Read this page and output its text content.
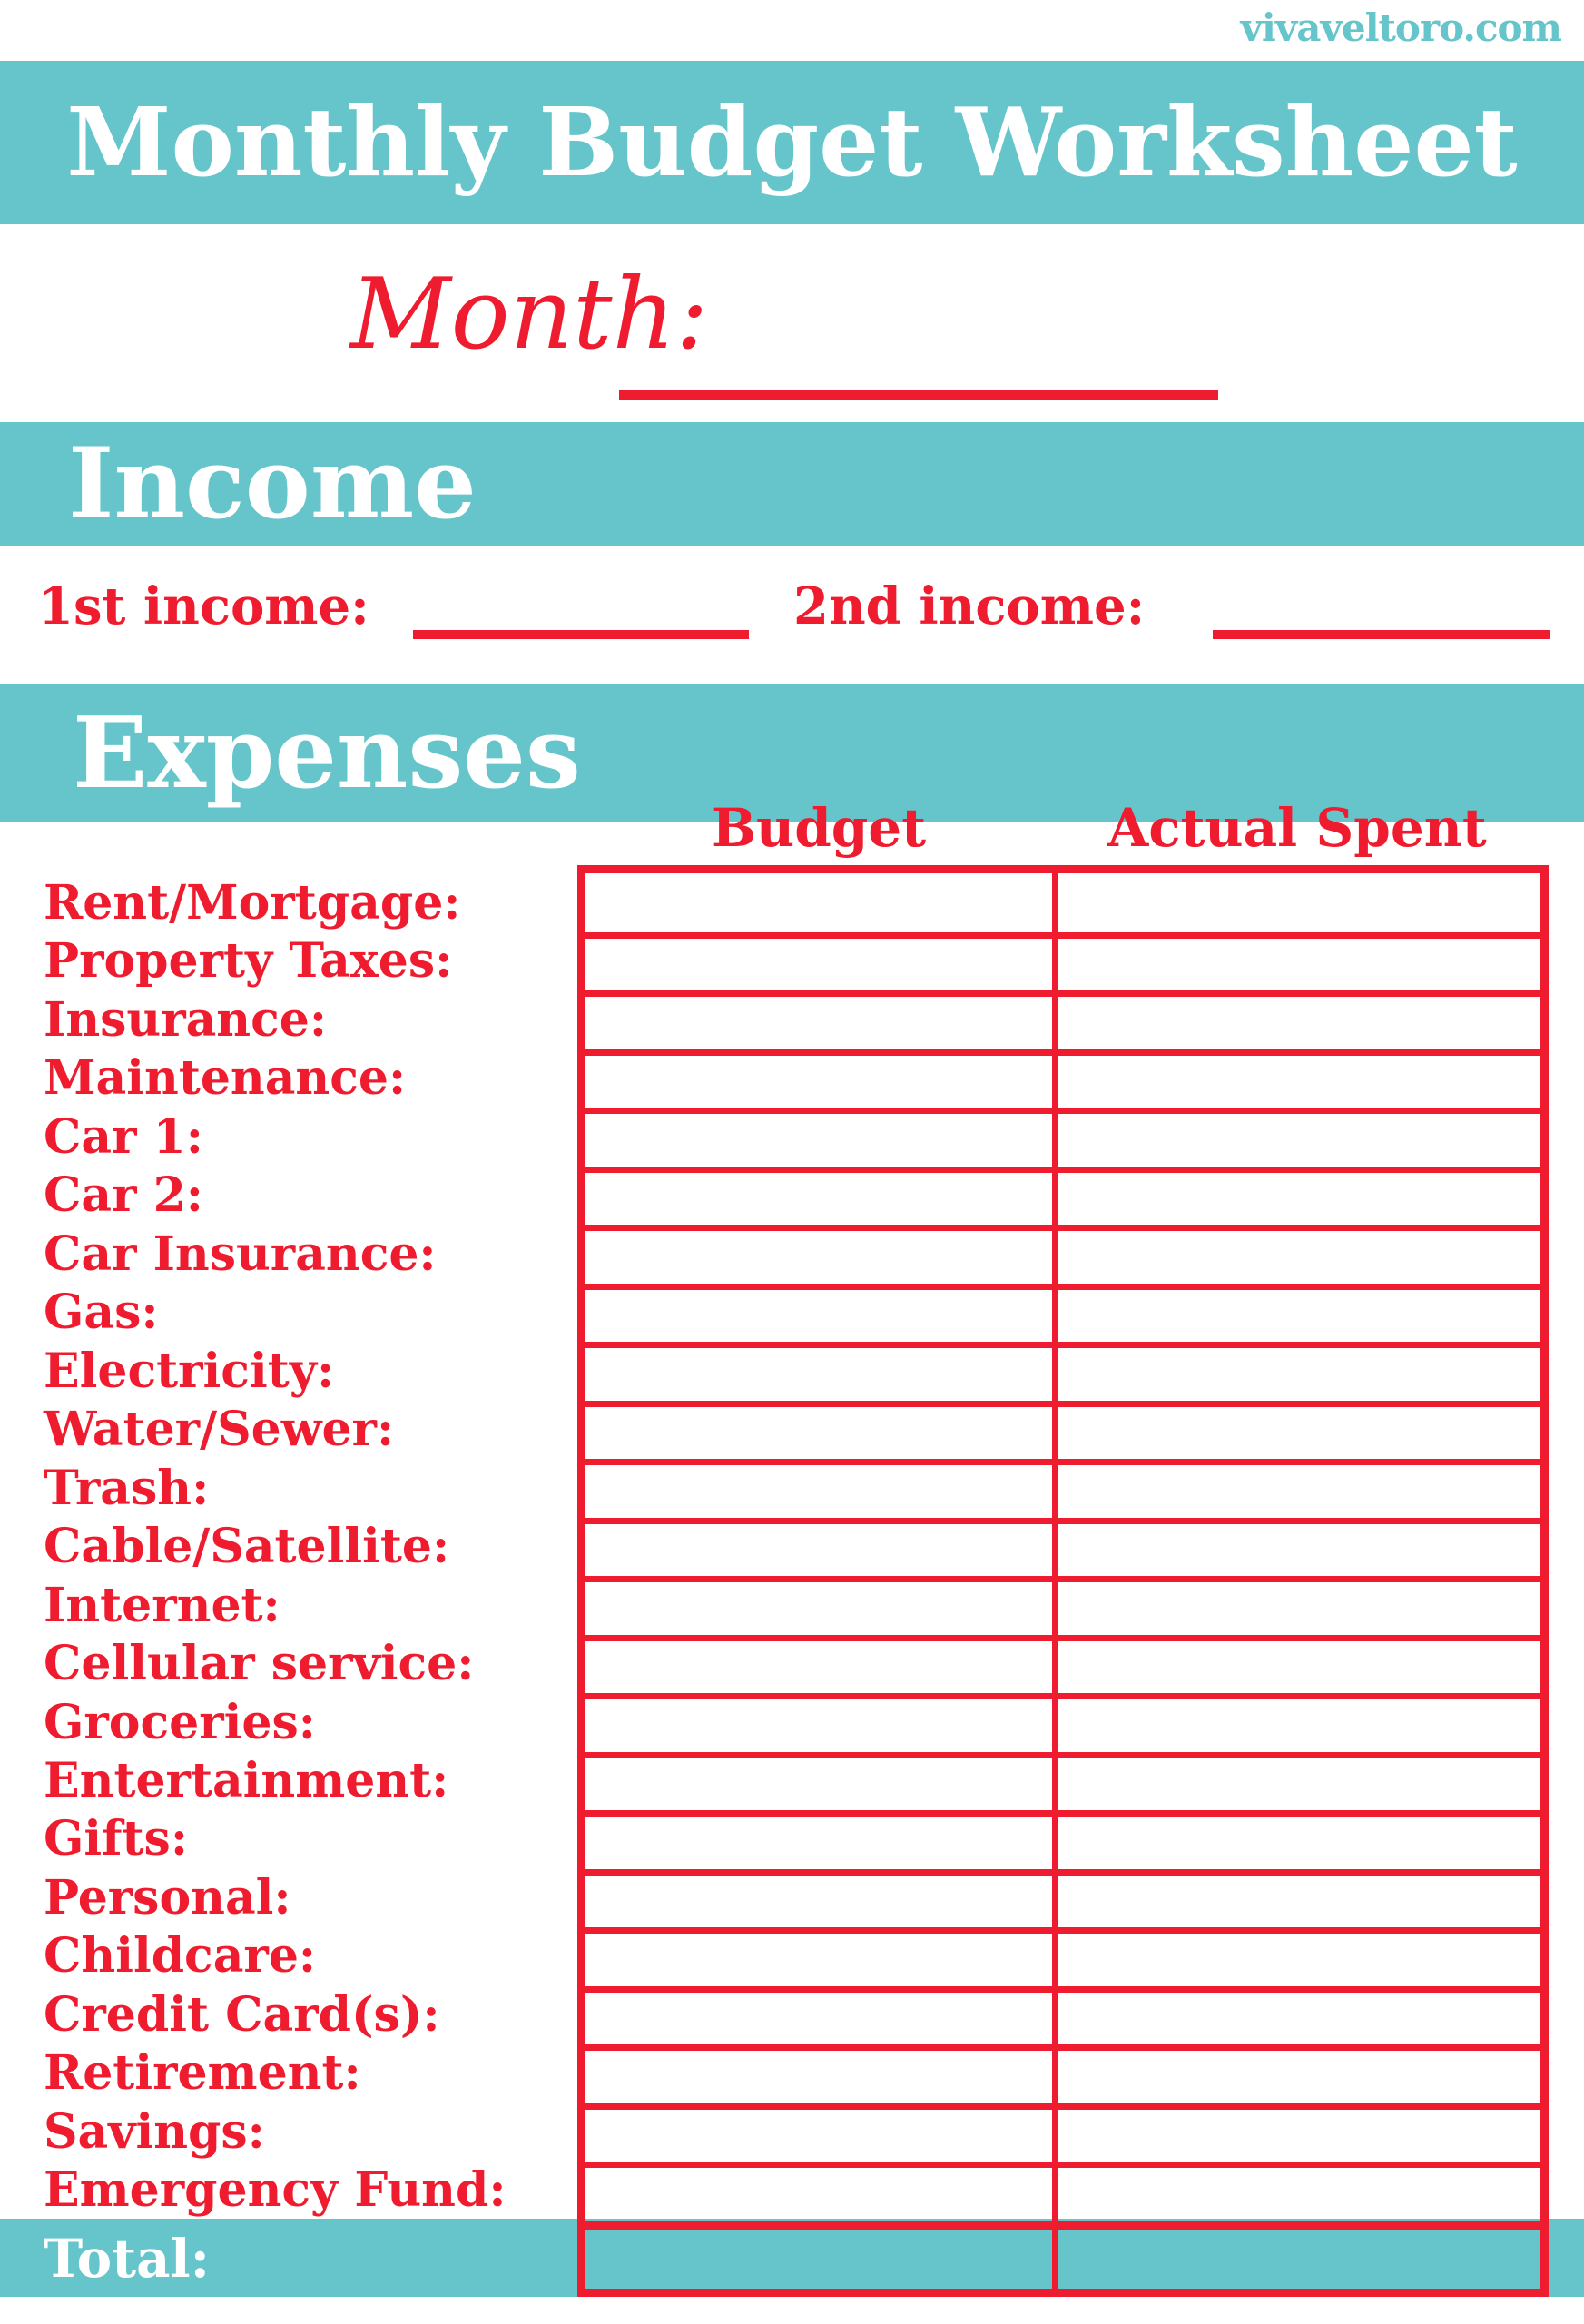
vivaveltoro.com
Monthly Budget Worksheet
Month:
Income
1st income:	2nd income:
Expenses
Budget	Actual Spent
Rent/Mortgage:
Property Taxes:
Insurance:
Maintenance:
Car 1:
Car 2:
Car Insurance:
Gas:
Electricity:
Water/Sewer:
Trash:
Cable/Satellite:
Internet:
Cellular service:
Groceries:
Entertainment:
Gifts:
Personal:
Childcare:
Credit Card(s):
Retirement:
Savings:
Emergency Fund:
Total:
